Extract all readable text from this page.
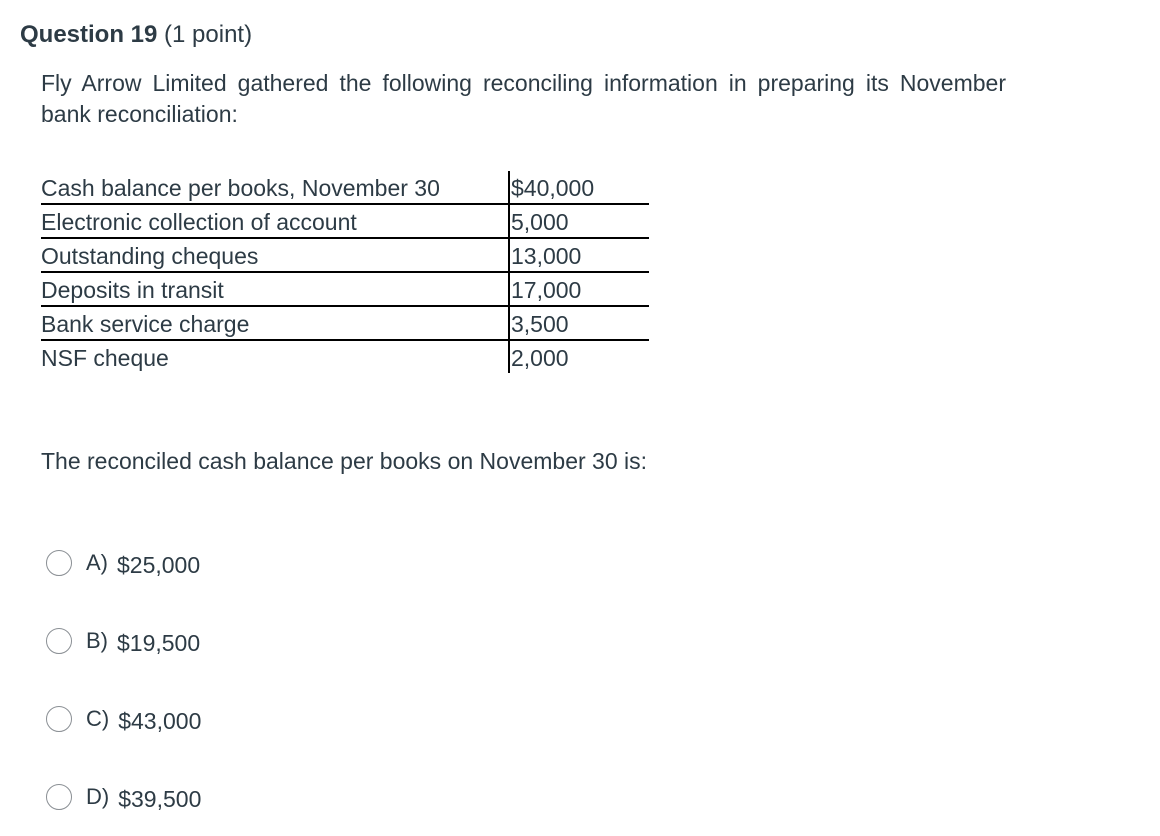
Question 19 (1 point)
Fly Arrow Limited gathered the following reconciling information in preparing its November bank reconciliation:
Cash balance per books, November 30	$40,000
Electronic collection of account	5,000
Outstanding cheques	13,000
Deposits in transit	17,000
Bank service charge	3,500
NSF cheque	2,000
The reconciled cash balance per books on November 30 is:
A) $25,000
B) $19,500
C) $43,000
D) $39,500
